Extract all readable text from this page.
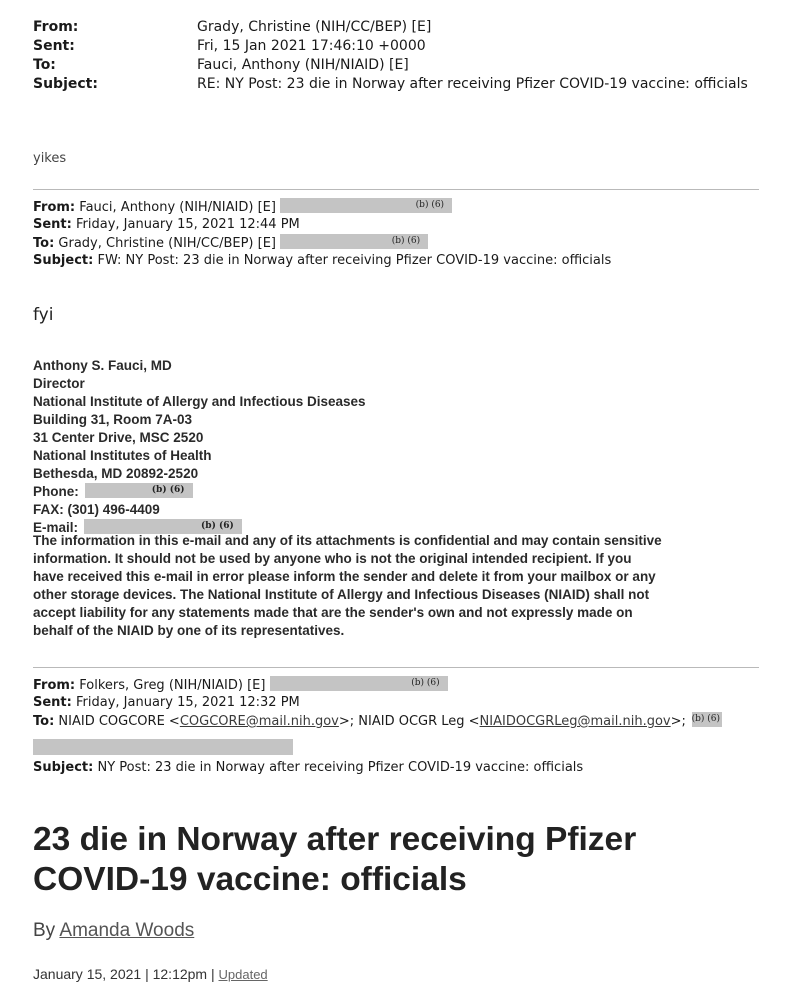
From:	Grady, Christine (NIH/CC/BEP) [E]
Sent:	Fri, 15 Jan 2021 17:46:10 +0000
To:	Fauci, Anthony (NIH/NIAID) [E]
Subject:	RE: NY Post: 23 die in Norway after receiving Pfizer COVID-19 vaccine: officials
yikes
From: Fauci, Anthony (NIH/NIAID) [E]	(b) (6)
Sent: Friday, January 15, 2021 12:44 PM
To: Grady, Christine (NIH/CC/BEP) [E]	(b) (6)
Subject: FW: NY Post: 23 die in Norway after receiving Pfizer COVID-19 vaccine: officials
fyi
Anthony S. Fauci, MD
Director
National Institute of Allergy and Infectious Diseases
Building 31, Room 7A-03
31 Center Drive, MSC 2520
National Institutes of Health
Bethesda, MD 20892-2520
Phone:	(b) (6)
FAX: (301) 496-4409
E-mail:	(b) (6)
The information in this e-mail and any of its attachments is confidential and may contain sensitive
information. It should not be used by anyone who is not the original intended recipient. If you
have received this e-mail in error please inform the sender and delete it from your mailbox or any
other storage devices. The National Institute of Allergy and Infectious Diseases (NIAID) shall not
accept liability for any statements made that are the sender's own and not expressly made on
behalf of the NIAID by one of its representatives.
From: Folkers, Greg (NIH/NIAID) [E]	(b) (6)
Sent: Friday, January 15, 2021 12:32 PM
To: NIAID COGCORE <COGCORE@mail.nih.gov>; NIAID OCGR Leg <NIAIDOCGRLeg@mail.nih.gov>; (b) (6)
Subject: NY Post: 23 die in Norway after receiving Pfizer COVID-19 vaccine: officials
23 die in Norway after receiving Pfizer
COVID-19 vaccine: officials
By Amanda Woods
January 15, 2021 | 12:12pm | Updated
